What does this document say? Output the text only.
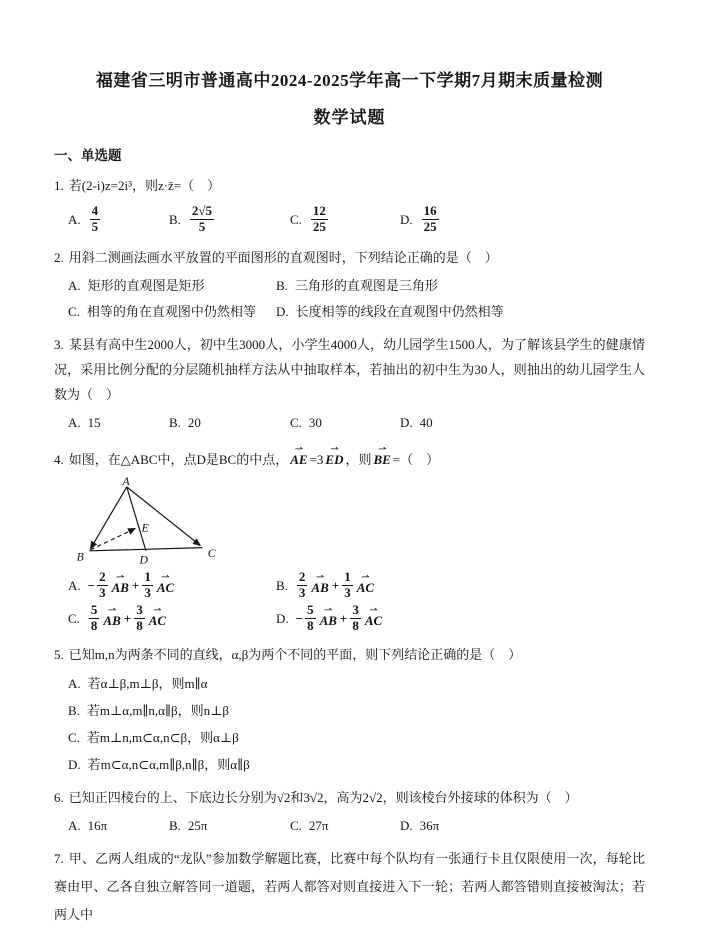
福建省三明市普通高中2024-2025学年高一下学期7月期末质量检测
数学试题
一、单选题

1. 若(2-i)z=2i³，则z·z̄=（　）

A. $\frac{4}{5}$	B. $\frac{2√5}{5}$	C. $\frac{12}{25}$	D. $\frac{16}{25}$

2. 用斜二测画法画水平放置的平面图形的直观图时，下列结论正确的是（　）

A. 矩形的直观图是矩形	B. 三角形的直观图是三角形
C. 相等的角在直观图中仍然相等 D. 长度相等的线段在直观图中仍然相等

3. 某县有高中生2000人，初中生3000人，小学生4000人，幼儿园学生1500人，为了解该县学生的健康情况，采用比例分配的分层随机抽样方法从中抽取样本，若抽出的初中生为30人，则抽出的幼儿园学生人数为（　）

A. 15	B. 20	C. 30	D. 40

4. 如图，在△ABC中，点D是BC的中点， ⇀ AE =3 ⇀ ED ，则 ⇀ BE =（　）

A
B	C
D
E
A. − $\frac{2}{3}$ ⇀ AB + $\frac{1}{3}$ ⇀ AC	B. $\frac{2}{3}$ ⇀ AB + $\frac{1}{3}$ ⇀ AC
C. $\frac{5}{8}$ ⇀ AB + $\frac{3}{8}$ ⇀ AC	D. − $\frac{5}{8}$ ⇀ AB + $\frac{3}{8}$ ⇀ AC

5. 已知m,n为两条不同的直线，α,β为两个不同的平面，则下列结论正确的是（　）

A. 若α⊥β,m⊥β，则m∥α
B. 若m⊥α,m∥n,α∥β，则n⊥β
C. 若m⊥n,m⊂α,n⊂β，则α⊥β
D. 若m⊂α,n⊂α,m∥β,n∥β，则α∥β

6. 已知正四棱台的上、下底边长分别为√2和3√2，高为2√2，则该棱台外接球的体积为（　）

A. 16π	B. 25π	C. 27π	D. 36π

7. 甲、乙两人组成的“龙队”参加数学解题比赛，比赛中每个队均有一张通行卡且仅限使用一次，每轮比赛由甲、乙各自独立解答同一道题，若两人都答对则直接进入下一轮；若两人都答错则直接被淘汰；若两人中
